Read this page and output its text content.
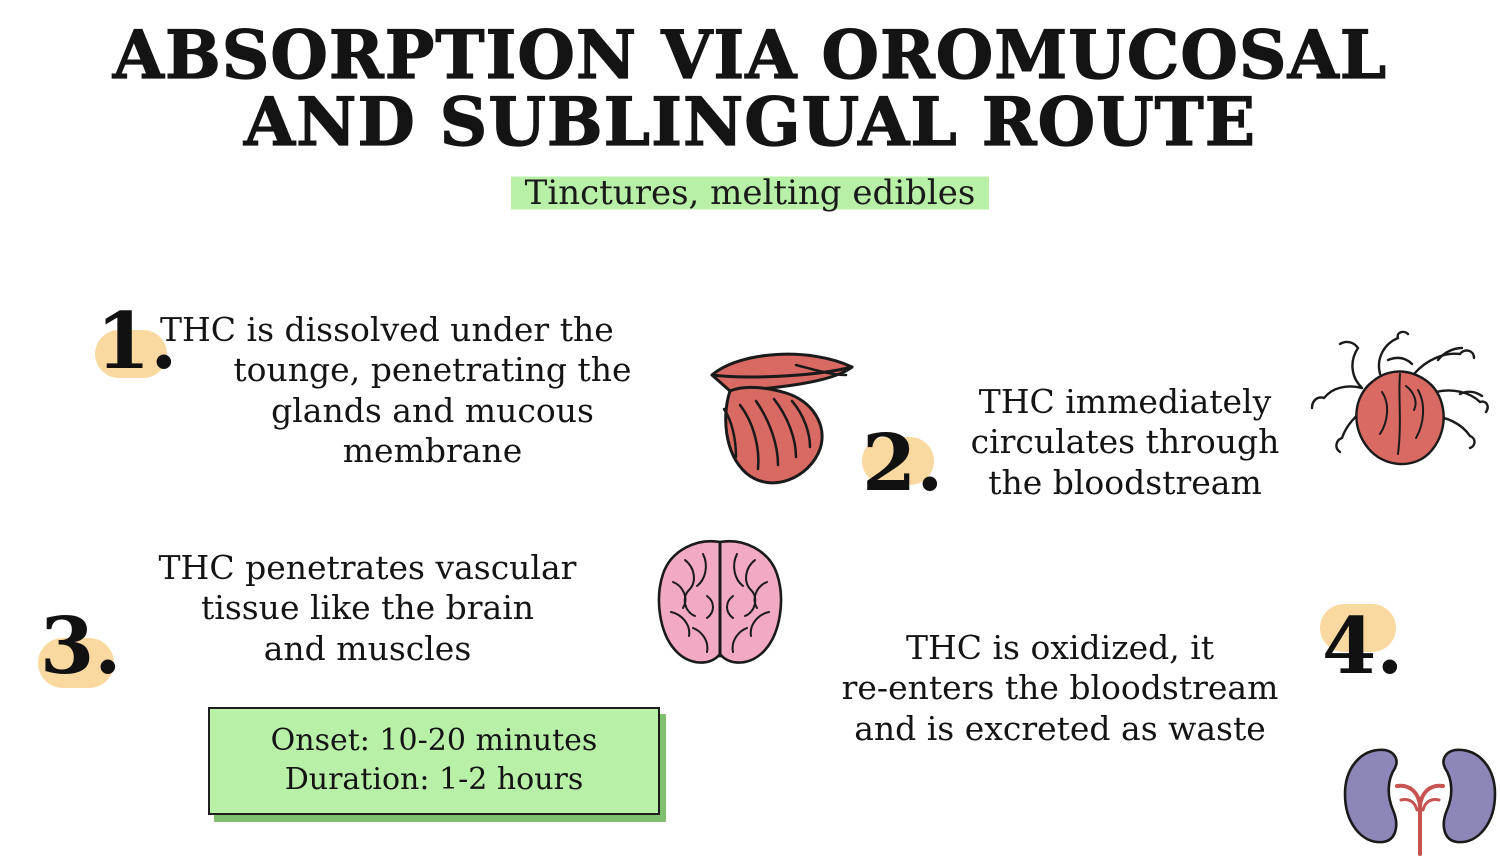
ABSORPTION VIA OROMUCOSAL
AND SUBLINGUAL ROUTE
Tinctures, melting edibles
1.
THC is dissolved under the
tounge, penetrating the
glands and mucous
membrane	2.
THC immediately
circulates through
the bloodstream
3.
THC penetrates vascular
tissue like the brain
and muscles	4.
THC is oxidized, it
re-enters the bloodstream
and is excreted as waste
Onset: 10-20 minutes
Duration: 1-2 hours
